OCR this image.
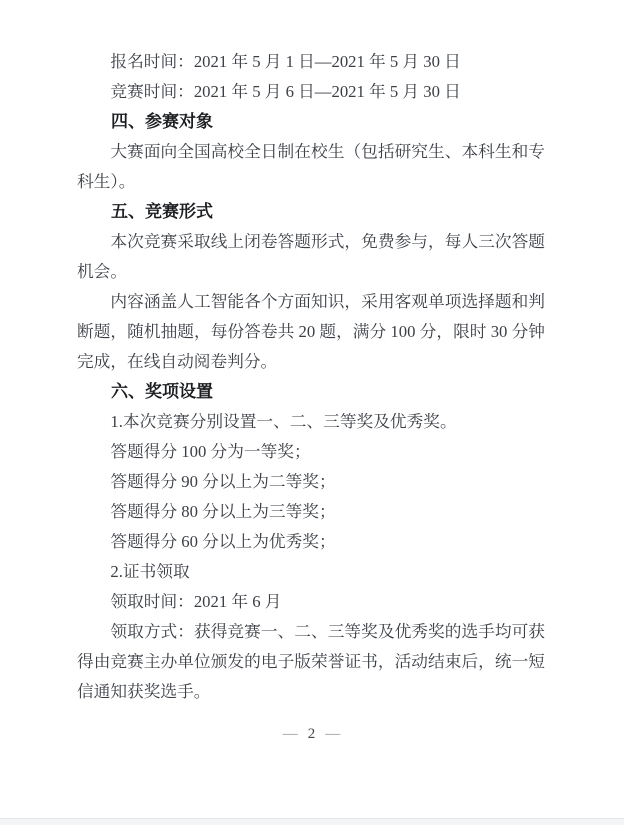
报名时间：2021 年 5 月 1 日—2021 年 5 月 30 日

竞赛时间：2021 年 5 月 6 日—2021 年 5 月 30 日

四、参赛对象

大赛面向全国高校全日制在校生（包括研究生、本科生和专科生）。

五、竞赛形式

本次竞赛采取线上闭卷答题形式，免费参与，每人三次答题机会。

内容涵盖人工智能各个方面知识，采用客观单项选择题和判断题，随机抽题，每份答卷共 20 题，满分 100 分，限时 30 分钟完成，在线自动阅卷判分。

六、奖项设置

1.本次竞赛分别设置一、二、三等奖及优秀奖。

答题得分 100 分为一等奖；

答题得分 90 分以上为二等奖；

答题得分 80 分以上为三等奖；

答题得分 60 分以上为优秀奖；

2.证书领取

领取时间：2021 年 6 月

领取方式：获得竞赛一、二、三等奖及优秀奖的选手均可获得由竞赛主办单位颁发的电子版荣誉证书，活动结束后，统一短信通知获奖选手。

— 2 —
